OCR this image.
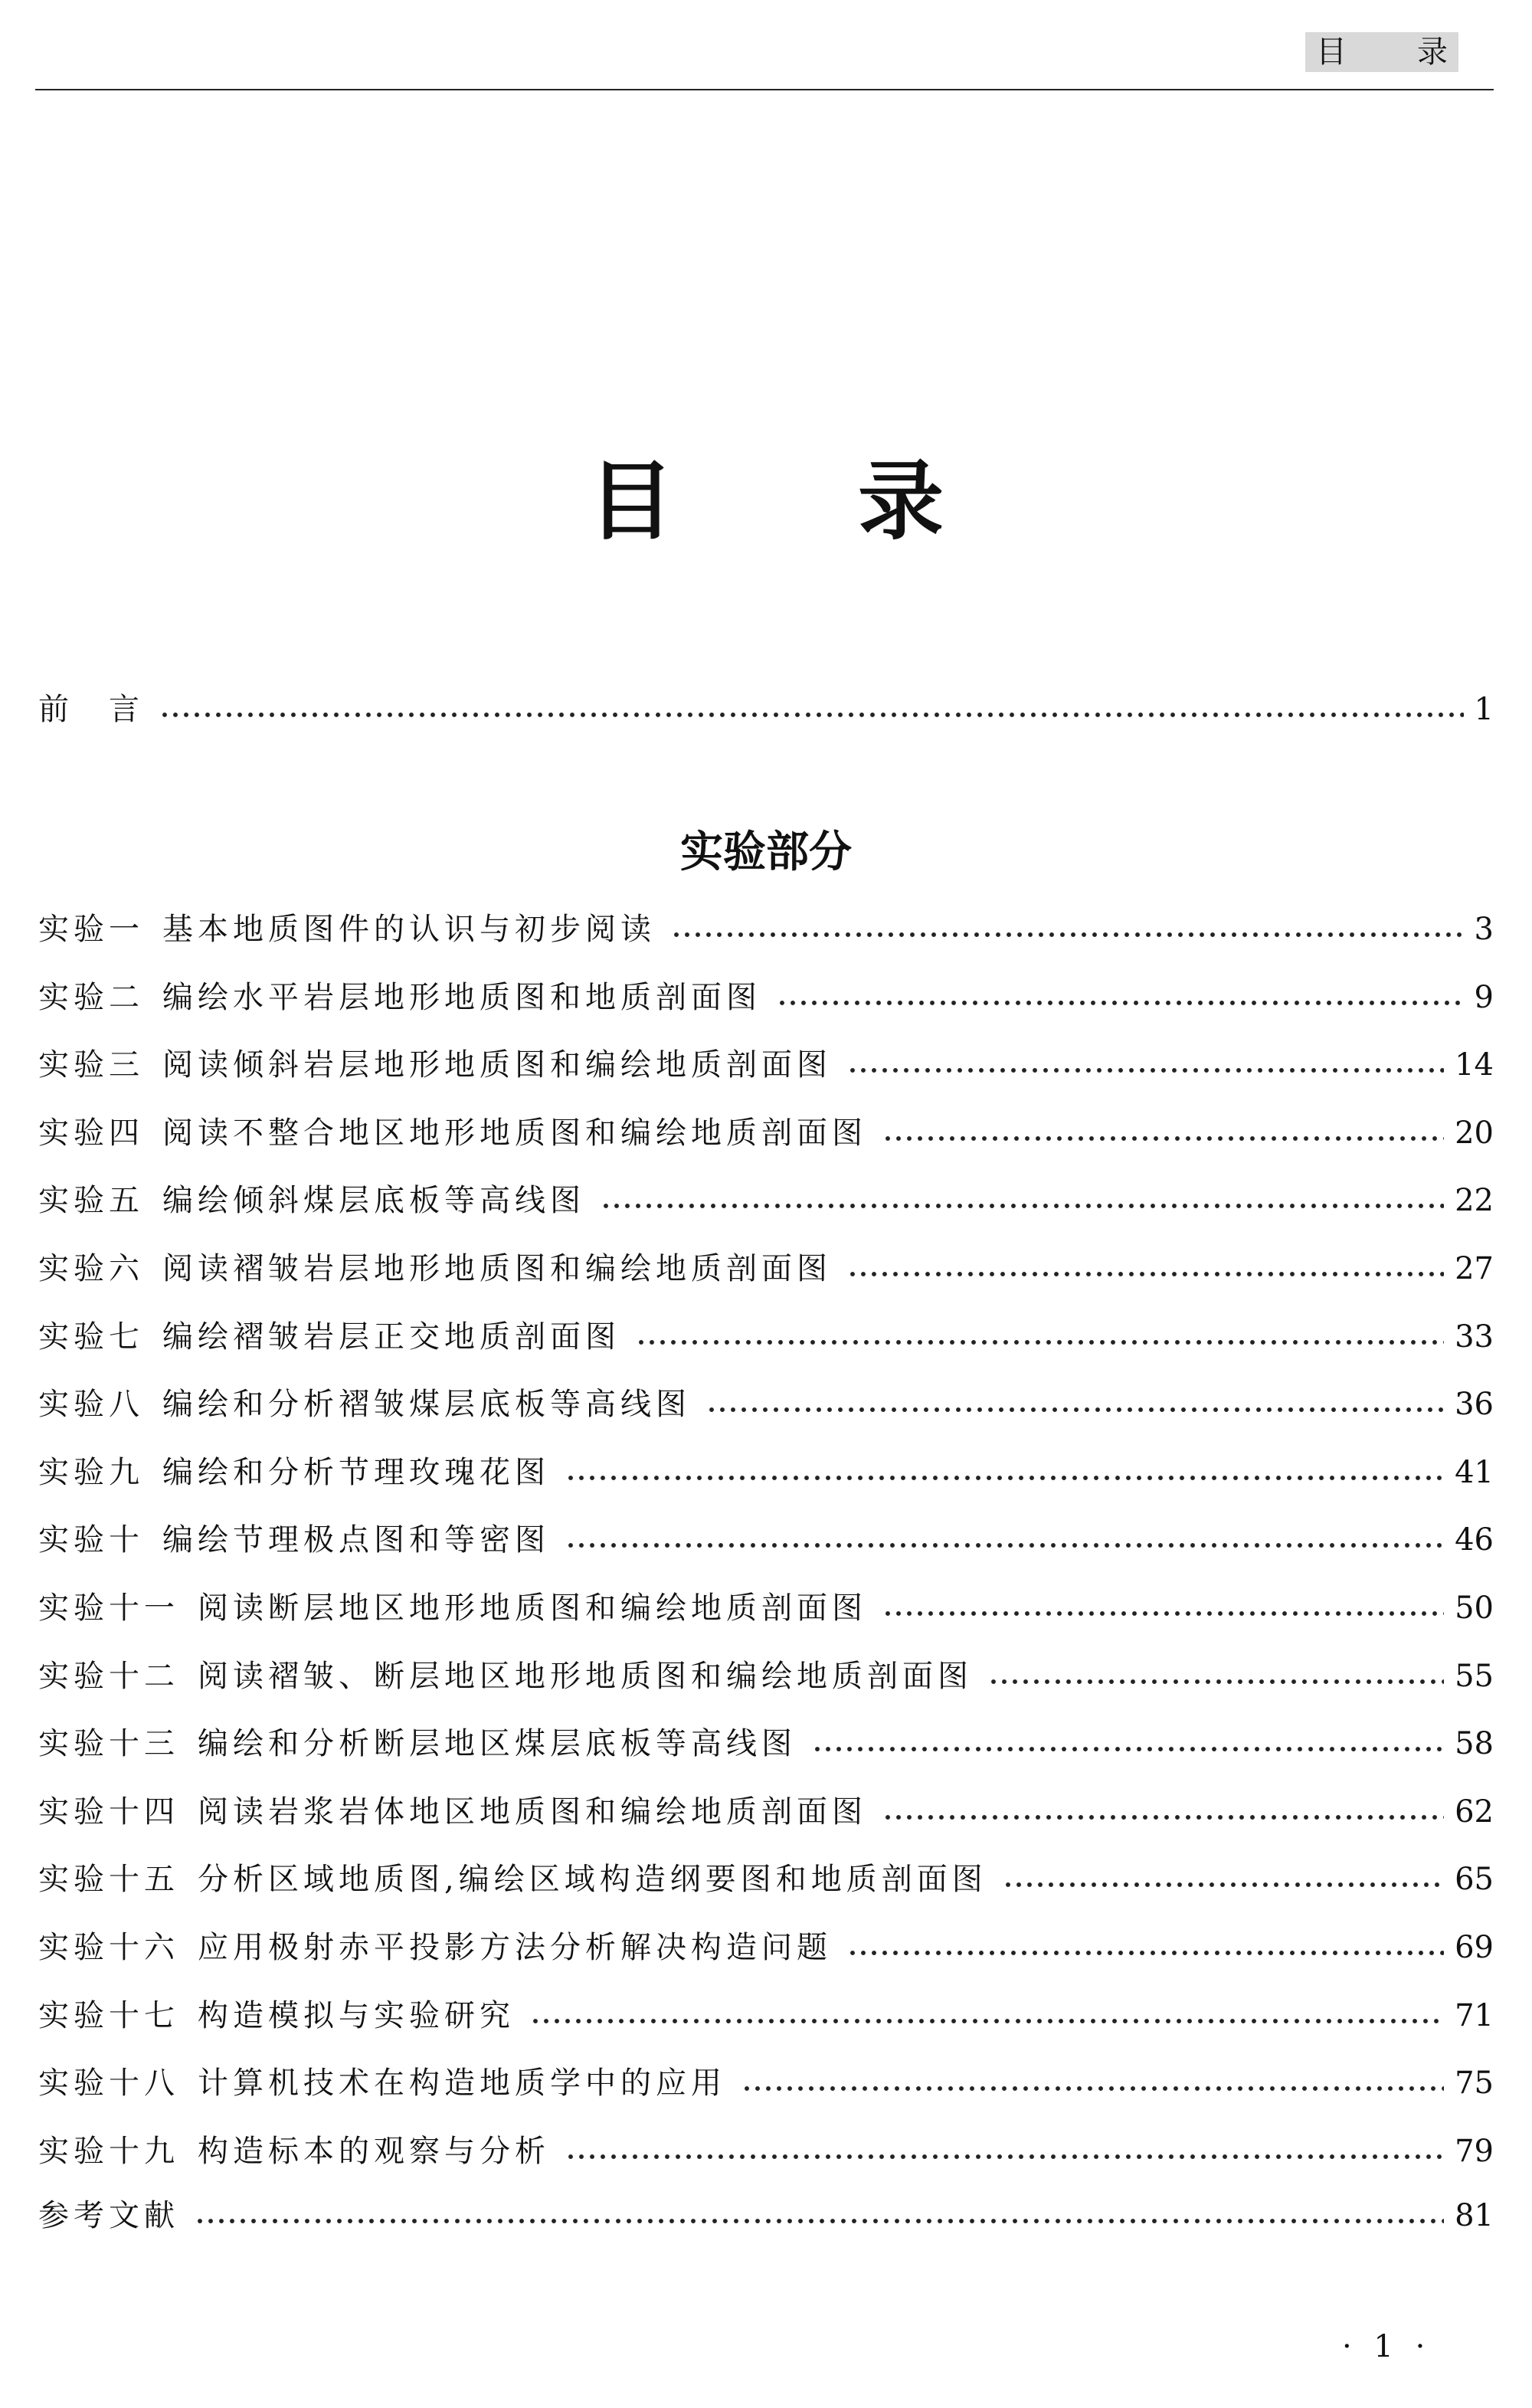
目 录
目 录
前　言	1
实验部分
实验一 基本地质图件的认识与初步阅读	3
实验二 编绘水平岩层地形地质图和地质剖面图	9
实验三 阅读倾斜岩层地形地质图和编绘地质剖面图	14
实验四 阅读不整合地区地形地质图和编绘地质剖面图	20
实验五 编绘倾斜煤层底板等高线图	22
实验六 阅读褶皱岩层地形地质图和编绘地质剖面图	27
实验七 编绘褶皱岩层正交地质剖面图	33
实验八 编绘和分析褶皱煤层底板等高线图	36
实验九 编绘和分析节理玫瑰花图	41
实验十 编绘节理极点图和等密图	46
实验十一 阅读断层地区地形地质图和编绘地质剖面图	50
实验十二 阅读褶皱、断层地区地形地质图和编绘地质剖面图	55
实验十三 编绘和分析断层地区煤层底板等高线图	58
实验十四 阅读岩浆岩体地区地质图和编绘地质剖面图	62
实验十五 分析区域地质图,编绘区域构造纲要图和地质剖面图	65
实验十六 应用极射赤平投影方法分析解决构造问题	69
实验十七 构造模拟与实验研究	71
实验十八 计算机技术在构造地质学中的应用	75
实验十九 构造标本的观察与分析	79
参考文献	81
· 1 ·
